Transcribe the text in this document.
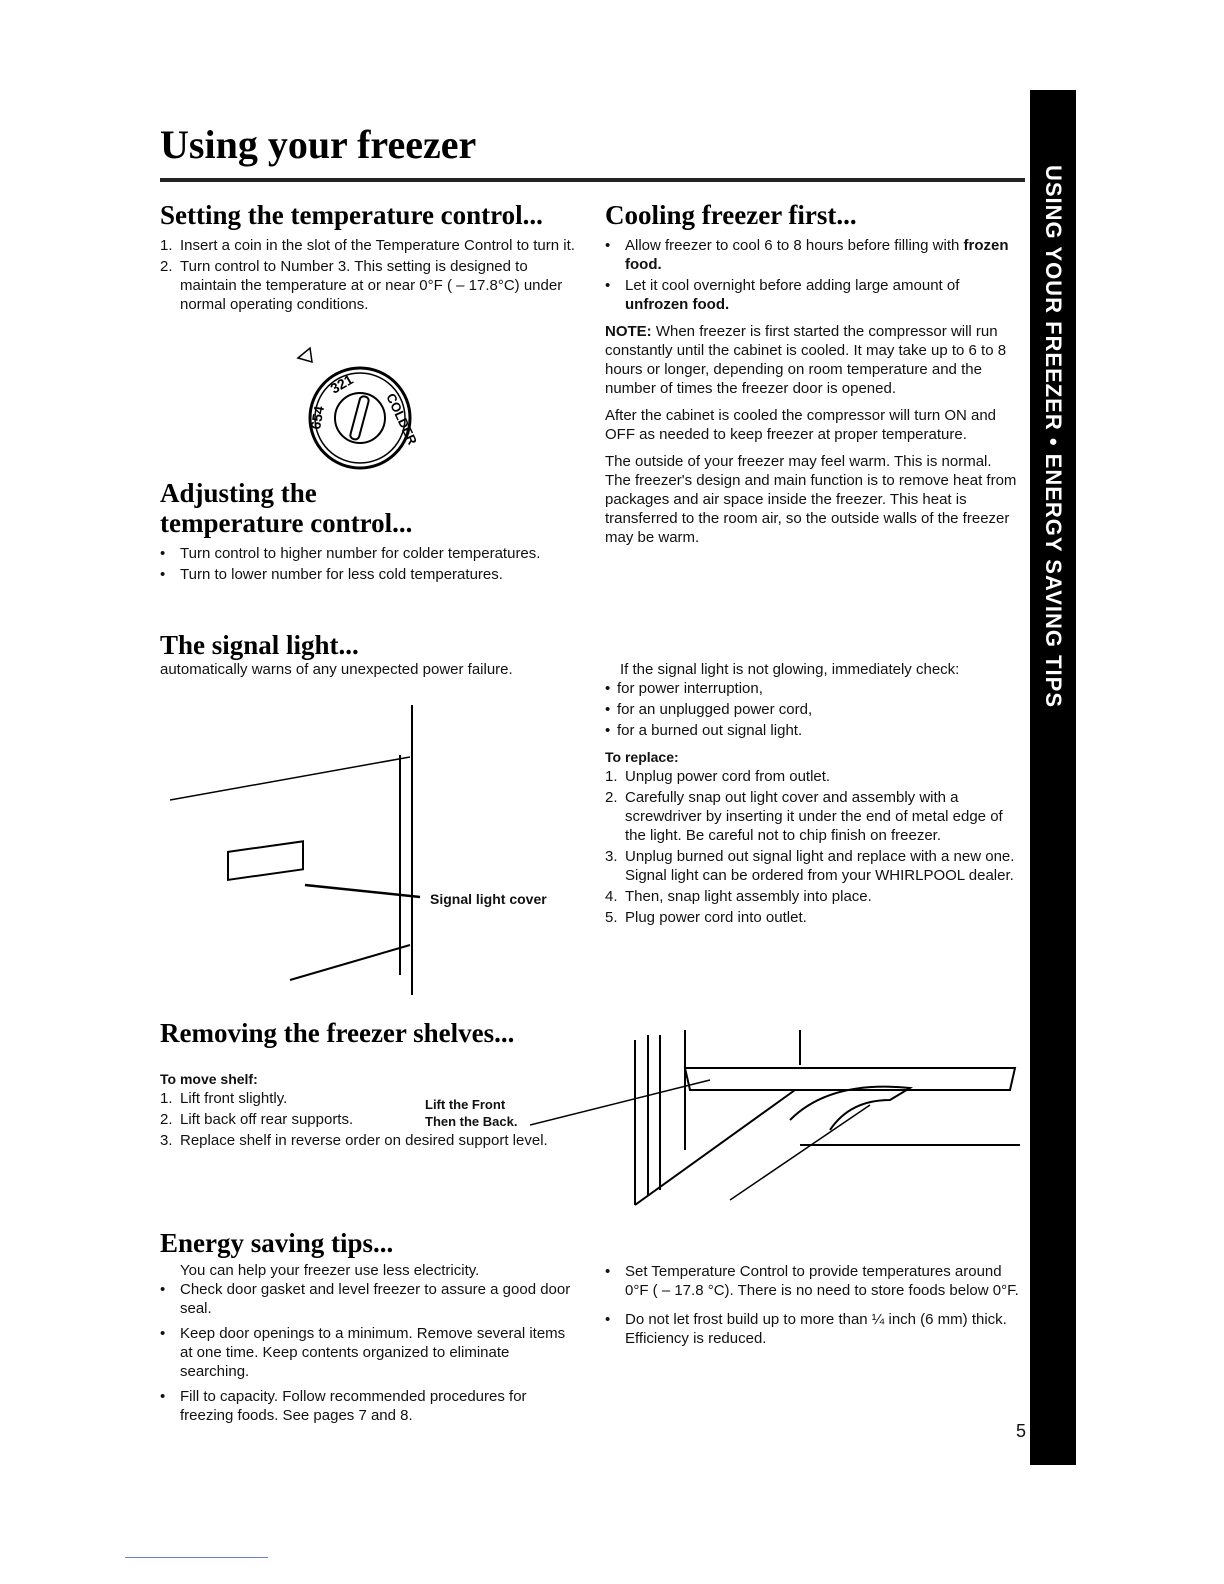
Using your freezer
USING YOUR FREEZER • ENERGY SAVING TIPS
5
Setting the temperature control...
1. Insert a coin in the slot of the Temperature Control to turn it.
2. Turn control to Number 3. This setting is designed to maintain the temperature at or near 0°F ( – 17.8°C) under normal operating conditions.
321
654	COLDER
Adjusting the
temperature control...
• Turn control to higher number for colder temperatures.
• Turn to lower number for less cold temperatures.
Cooling freezer first...
• Allow freezer to cool 6 to 8 hours before filling with frozen food.
• Let it cool overnight before adding large amount of unfrozen food.

NOTE: When freezer is first started the compressor will run constantly until the cabinet is cooled. It may take up to 6 to 8 hours or longer, depending on room temperature and the number of times the freezer door is opened.

After the cabinet is cooled the compressor will turn ON and OFF as needed to keep freezer at proper temperature.

The outside of your freezer may feel warm. This is normal. The freezer's design and main function is to remove heat from packages and air space inside the freezer. This heat is transferred to the room air, so the outside walls of the freezer may be warm.

The signal light...

automatically warns of any unexpected power failure.

Signal light cover
If the signal light is not glowing, immediately check:
• for power interruption,
• for an unplugged power cord,
• for a burned out signal light.
To replace:
1. Unplug power cord from outlet.
2. Carefully snap out light cover and assembly with a screwdriver by inserting it under the end of metal edge of the light. Be careful not to chip finish on freezer.
3. Unplug burned out signal light and replace with a new one. Signal light can be ordered from your WHIRLPOOL dealer.
4. Then, snap light assembly into place.
5. Plug power cord into outlet.
Removing the freezer shelves...
To move shelf:
1. Lift front slightly.
2. Lift back off rear supports.
3. Replace shelf in reverse order on desired support level.
Lift the Front
Then the Back.
Energy saving tips...
You can help your freezer use less electricity.
• Check door gasket and level freezer to assure a good door seal.
• Keep door openings to a minimum. Remove several items at one time. Keep contents organized to eliminate searching.
• Fill to capacity. Follow recommended procedures for freezing foods. See pages 7 and 8.
• Set Temperature Control to provide temperatures around 0°F ( – 17.8 °C). There is no need to store foods below 0°F.
• Do not let frost build up to more than ¼ inch (6 mm) thick. Efficiency is reduced.
